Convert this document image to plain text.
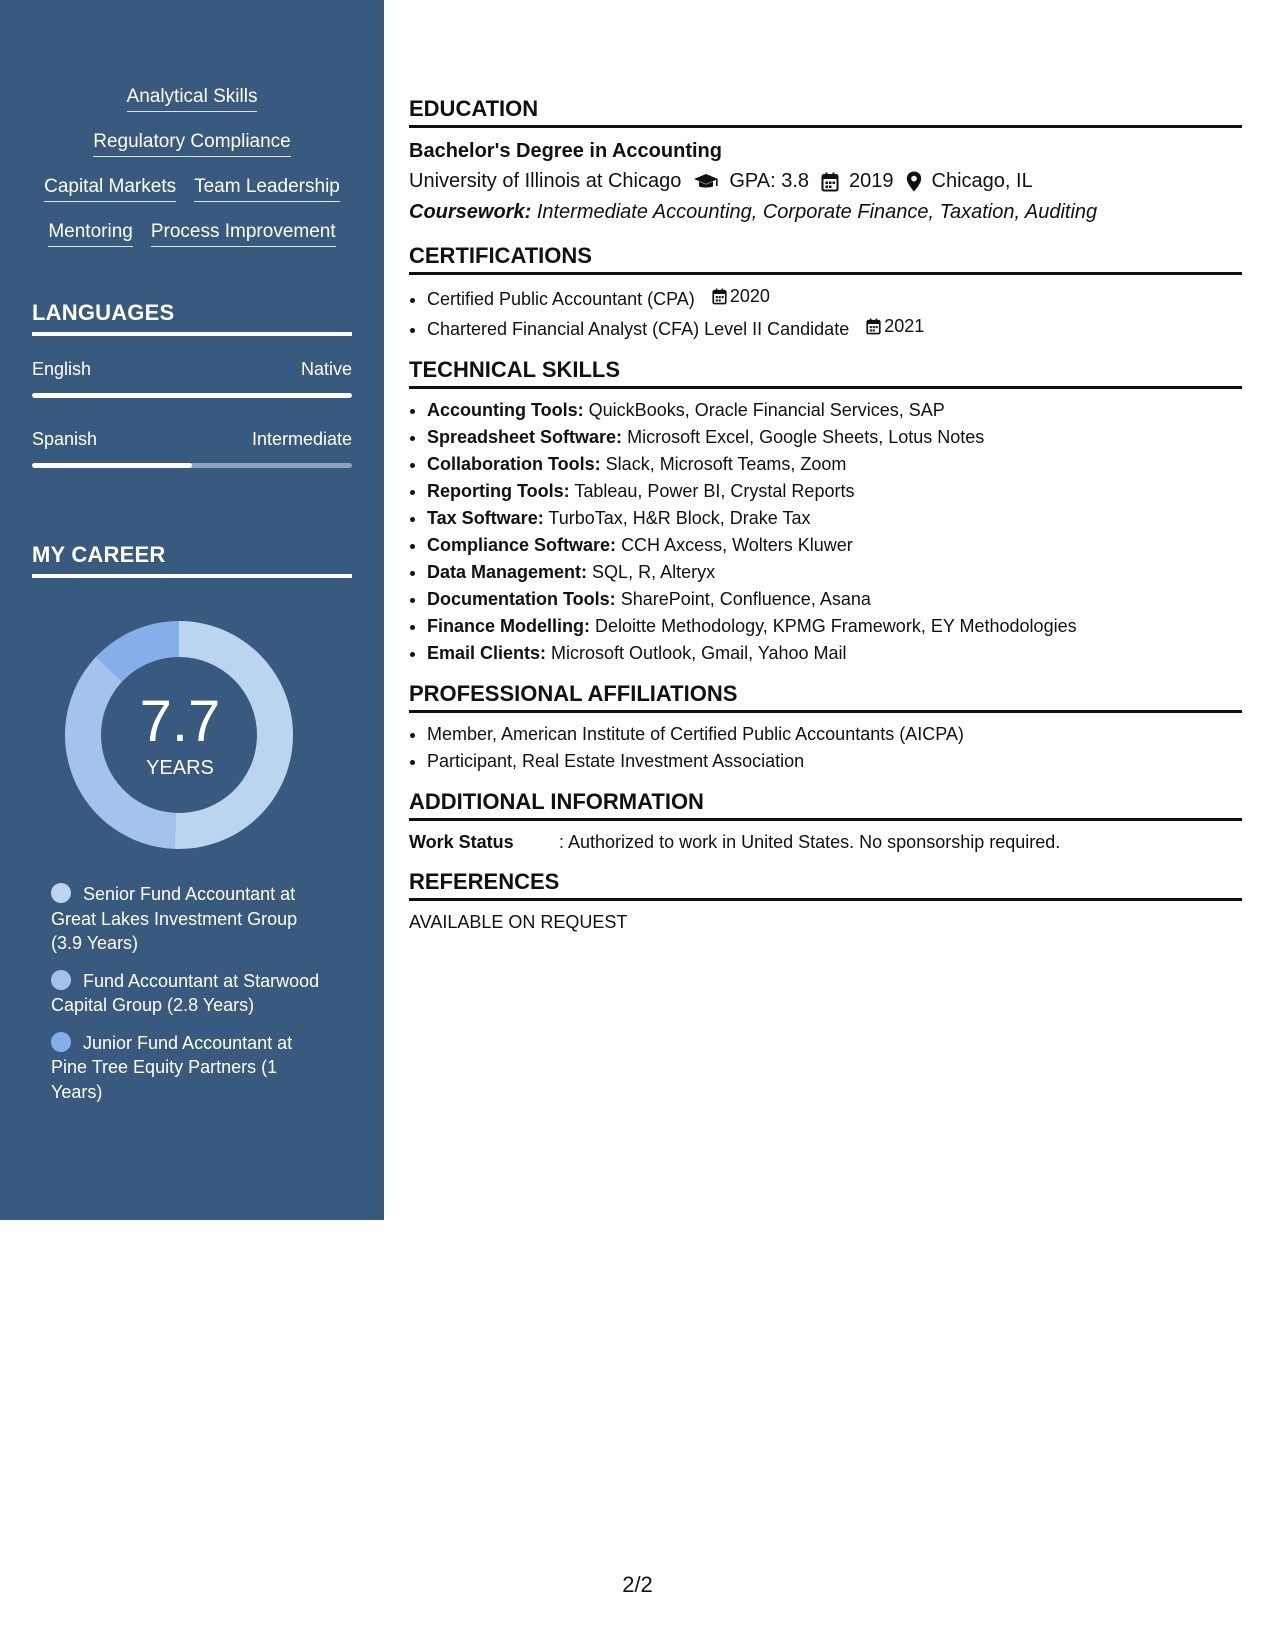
Analytical Skills
Regulatory Compliance
Capital Markets Team Leadership
Mentoring Process Improvement
LANGUAGES
English	Native
Spanish	Intermediate
MY CAREER
7.7
YEARS
Senior Fund Accountant at Great Lakes Investment Group (3.9 Years)
Fund Accountant at Starwood Capital Group (2.8 Years)
Junior Fund Accountant at Pine Tree Equity Partners (1 Years)
EDUCATION
Bachelor's Degree in Accounting
University of Illinois at Chicago GPA: 3.8 2019 Chicago, IL
Coursework: Intermediate Accounting, Corporate Finance, Taxation, Auditing
CERTIFICATIONS
• Certified Public Accountant (CPA) 2020
• Chartered Financial Analyst (CFA) Level II Candidate 2021
TECHNICAL SKILLS
• Accounting Tools: QuickBooks, Oracle Financial Services, SAP
• Spreadsheet Software: Microsoft Excel, Google Sheets, Lotus Notes
• Collaboration Tools: Slack, Microsoft Teams, Zoom
• Reporting Tools: Tableau, Power BI, Crystal Reports
• Tax Software: TurboTax, H&R Block, Drake Tax
• Compliance Software: CCH Axcess, Wolters Kluwer
• Data Management: SQL, R, Alteryx
• Documentation Tools: SharePoint, Confluence, Asana
• Finance Modelling: Deloitte Methodology, KPMG Framework, EY Methodologies
• Email Clients: Microsoft Outlook, Gmail, Yahoo Mail
PROFESSIONAL AFFILIATIONS
• Member, American Institute of Certified Public Accountants (AICPA)
• Participant, Real Estate Investment Association
ADDITIONAL INFORMATION
Work Status	: Authorized to work in United States. No sponsorship required.
REFERENCES
AVAILABLE ON REQUEST
2/2
